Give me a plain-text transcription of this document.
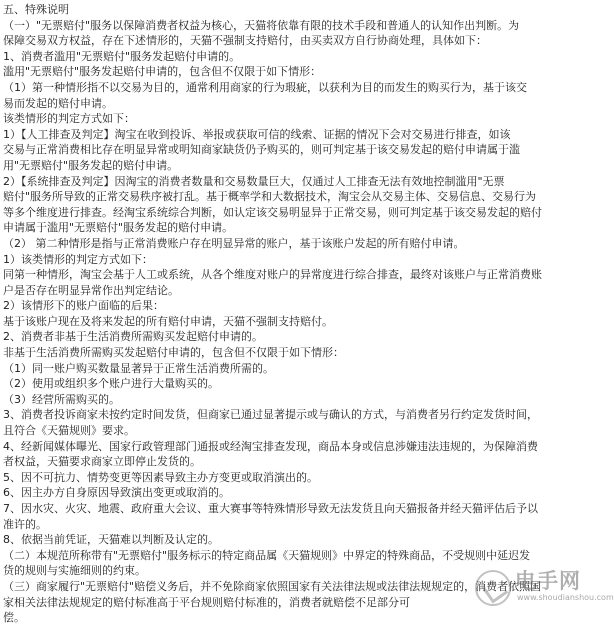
五、特殊说明
（一）"无票赔付"服务以保障消费者权益为核心，天猫将依靠有限的技术手段和普通人的认知作出判断。为
保障交易双方权益，存在下述情形的，天猫不强制支持赔付，由买卖双方自行协商处理，具体如下：
1、消费者滥用"无票赔付"服务发起赔付申请的。
滥用"无票赔付"服务发起赔付申请的，包含但不仅限于如下情形：
（1）第一种情形指不以交易为目的，通常利用商家的行为瑕疵，以获利为目的而发生的购买行为，基于该交
易而发起的赔付申请。
该类情形的判定方式如下：
1）【人工排查及判定】淘宝在收到投诉、举报或获取可信的线索、证据的情况下会对交易进行排查，如该
交易与正常消费相比存在明显异常或明知商家缺货仍予购买的，则可判定基于该交易发起的赔付申请属于滥
用"无票赔付"服务发起的赔付申请。
2）【系统排查及判定】因淘宝的消费者数量和交易数量巨大，仅通过人工排查无法有效地控制滥用"无票
赔付"服务所导致的正常交易秩序被打乱。基于概率学和大数据技术，淘宝会从交易主体、交易信息、交易行为
等多个维度进行排查。经淘宝系统综合判断，如认定该交易明显异于正常交易，则可判定基于该交易发起的赔付
申请属于滥用"无票赔付"服务发起的赔付申请。
（2） 第二种情形是指与正常消费账户存在明显异常的账户，基于该账户发起的所有赔付申请。
1）该类情形的判定方式如下：
同第一种情形，淘宝会基于人工或系统，从各个维度对账户的异常度进行综合排查，最终对该账户与正常消费账
户是否存在明显异常作出判定结论。
2）该情形下的账户面临的后果：
基于该账户现在及将来发起的所有赔付申请，天猫不强制支持赔付。
2、消费者非基于生活消费所需购买发起赔付申请的。
非基于生活消费所需购买发起赔付申请的，包含但不仅限于如下情形：
（1）同一账户购买数量显著异于正常生活消费所需的。
（2）使用或组织多个账户进行大量购买的。
（3）经营所需购买的。
3、消费者投诉商家未按约定时间发货，但商家已通过显著提示或与确认的方式，与消费者另行约定发货时间，
且符合《天猫规则》要求。
4、经新闻媒体曝光、国家行政管理部门通报或经淘宝排查发现，商品本身或信息涉嫌违法违规的，为保障消费
者权益，天猫要求商家立即停止发货的。
5、因不可抗力、情势变更等因素导致主办方变更或取消演出的。
6、因主办方自身原因导致演出变更或取消的。
7、因水灾、火灾、地震、政府重大会议、重大赛事等特殊情形导致无法发货且向天猫报备并经天猫评估后予以
准许的。
8、依据当前凭证，天猫难以判断及认定的。
（二）本规范所称带有"无票赔付"服务标示的特定商品属《天猫规则》中界定的特殊商品，不受规则中延迟发
货的规则与实施细则的约束。
（三）商家履行"无票赔付"赔偿义务后，并不免除商家依照国家有关法律法规或法律法规规定的，消费者依照国
家相关法律法规规定的赔付标准高于平台规则赔付标准的，消费者就赔偿不足部分可
偿。
电手网
www.shoudianshou.com
